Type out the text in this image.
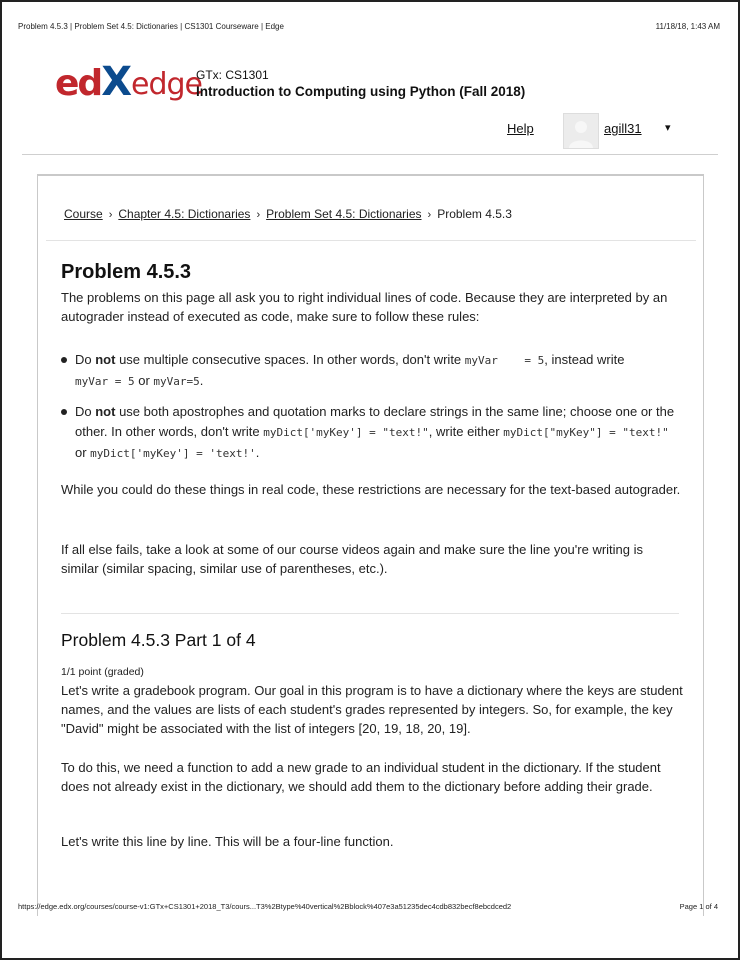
Problem 4.5.3 | Problem Set 4.5: Dictionaries | CS1301 Courseware | Edge	11/18/18, 1:43 AM
edX edge
GTx: CS1301
Introduction to Computing using Python (Fall 2018)
Help	agill31 ▾
Course › Chapter 4.5: Dictionaries › Problem Set 4.5: Dictionaries › Problem 4.5.3
Problem 4.5.3
The problems on this page all ask you to right individual lines of code. Because they are interpreted by an autograder instead of executed as code, make sure to follow these rules:
Do not use multiple consecutive spaces. In other words, don't write myVar    = 5, instead write myVar = 5 or myVar=5.
Do not use both apostrophes and quotation marks to declare strings in the same line; choose one or the other. In other words, don't write myDict['myKey'] = "text!", write either myDict["myKey"] = "text!" or myDict['myKey'] = 'text!'.
While you could do these things in real code, these restrictions are necessary for the text-based autograder.
If all else fails, take a look at some of our course videos again and make sure the line you're writing is similar (similar spacing, similar use of parentheses, etc.).
Problem 4.5.3 Part 1 of 4
1/1 point (graded)
Let's write a gradebook program. Our goal in this program is to have a dictionary where the keys are student names, and the values are lists of each student's grades represented by integers. So, for example, the key "David" might be associated with the list of integers [20, 19, 18, 20, 19].
To do this, we need a function to add a new grade to an individual student in the dictionary. If the student does not already exist in the dictionary, we should add them to the dictionary before adding their grade.
Let's write this line by line. This will be a four-line function.
https://edge.edx.org/courses/course-v1:GTx+CS1301+2018_T3/cours...T3%2Btype%40vertical%2Bblock%407e3a51235dec4cdb832becf8ebcdced2	Page 1 of 4
